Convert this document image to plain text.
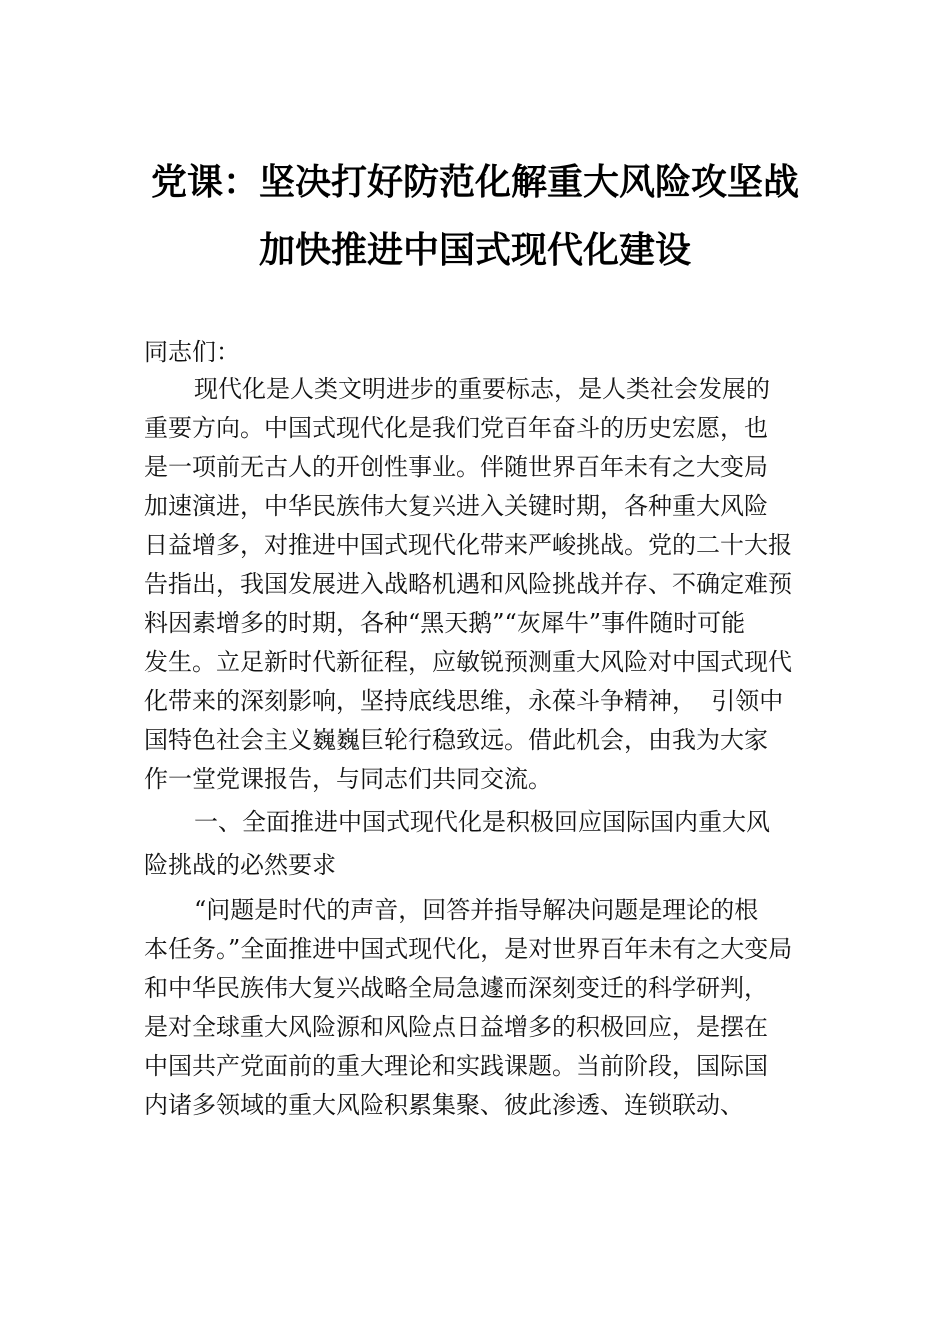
党课：坚决打好防范化解重大风险攻坚战
加快推进中国式现代化建设
同志们：
现代化是人类文明进步的重要标志，是人类社会发展的
重要方向。中国式现代化是我们党百年奋斗的历史宏愿，也
是一项前无古人的开创性事业。伴随世界百年未有之大变局
加速演进，中华民族伟大复兴进入关键时期，各种重大风险
日益增多，对推进中国式现代化带来严峻挑战。党的二十大报
告指出，我国发展进入战略机遇和风险挑战并存、不确定难预
料因素增多的时期，各种“黑天鹅”“灰犀牛”事件随时可能
发生。立足新时代新征程，应敏锐预测重大风险对中国式现代
化带来的深刻影响，坚持底线思维，永葆斗争精神，  引领中
国特色社会主义巍巍巨轮行稳致远。借此机会，由我为大家
作一堂党课报告，与同志们共同交流。
一、全面推进中国式现代化是积极回应国际国内重大风
险挑战的必然要求
“问题是时代的声音，回答并指导解决问题是理论的根
本任务。”全面推进中国式现代化，是对世界百年未有之大变局
和中华民族伟大复兴战略全局急遽而深刻变迁的科学研判，
是对全球重大风险源和风险点日益增多的积极回应，是摆在
中国共产党面前的重大理论和实践课题。当前阶段，国际国
内诸多领域的重大风险积累集聚、彼此渗透、连锁联动、
